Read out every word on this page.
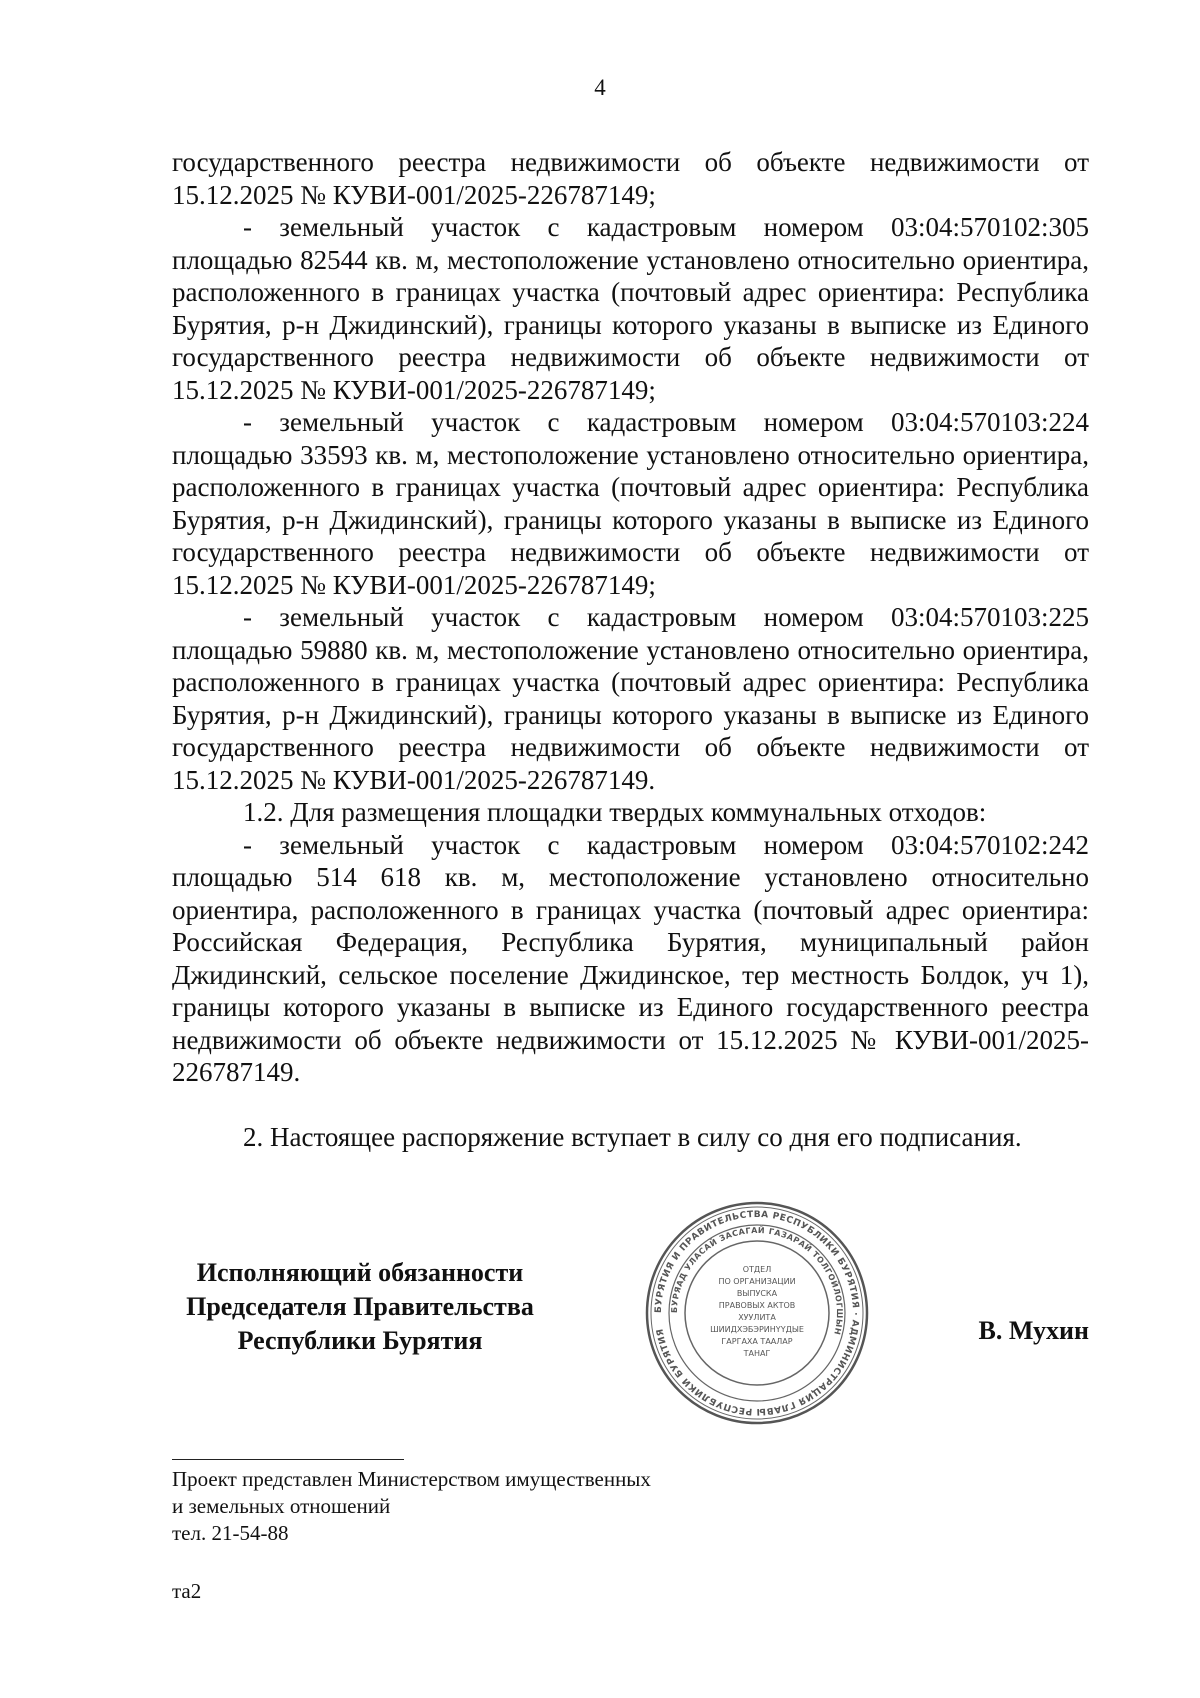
4

государственного реестра недвижимости об объекте недвижимости от 15.12.2025 № КУВИ-001/2025-226787149;

- земельный участок с кадастровым номером 03:04:570102:305 площадью 82544 кв. м, местоположение установлено относительно ориентира, расположенного в границах участка (почтовый адрес ориентира: Республика Бурятия, р-н Джидинский), границы которого указаны в выписке из Единого государственного реестра недвижимости об объекте недвижимости от 15.12.2025 № КУВИ-001/2025-226787149;

- земельный участок с кадастровым номером 03:04:570103:224 площадью 33593 кв. м, местоположение установлено относительно ориентира, расположенного в границах участка (почтовый адрес ориентира: Республика Бурятия, р-н Джидинский), границы которого указаны в выписке из Единого государственного реестра недвижимости об объекте недвижимости от 15.12.2025 № КУВИ-001/2025-226787149;

- земельный участок с кадастровым номером 03:04:570103:225 площадью 59880 кв. м, местоположение установлено относительно ориентира, расположенного в границах участка (почтовый адрес ориентира: Республика Бурятия, р-н Джидинский), границы которого указаны в выписке из Единого государственного реестра недвижимости об объекте недвижимости от 15.12.2025 № КУВИ-001/2025-226787149.

1.2. Для размещения площадки твердых коммунальных отходов:

- земельный участок с кадастровым номером 03:04:570102:242 площадью 514 618 кв. м, местоположение установлено относительно ориентира, расположенного в границах участка (почтовый адрес ориентира: Российская Федерация, Республика Бурятия, муниципальный район Джидинский, сельское поселение Джидинское, тер местность Болдок, уч 1), границы которого указаны в выписке из Единого государственного реестра недвижимости об объекте недвижимости от 15.12.2025 № КУВИ-001/2025-226787149.

2. Настоящее распоряжение вступает в силу со дня его подписания.

Исполняющий обязанности
Председателя Правительства
Республики Бурятия
БУРЯТИЯ И ПРАВИТЕЛЬСТВА РЕСПУБЛИКИ БУРЯТИЯ · АДМИНИСТРАЦИЯ ГЛАВЫ РЕСПУБЛИКИ БУРЯТИЯ
БУРЯАД УЛАСАЙ ЗАСАГАЙ ГАЗАРАЙ ТОЛГОЙЛОГШЫН
ОТДЕЛ
ПО ОРГАНИЗАЦИИ
ВЫПУСКА
ПРАВОВЫХ АКТОВ
ХУУЛИТА
ШИИДХЭБЭРИНҮҮДЫЕ
ГАРГАХА ТААЛАР
ТАНАГ
В. Мухин
Проект представлен Министерством имущественных
и земельных отношений
тел. 21-54-88
та2
